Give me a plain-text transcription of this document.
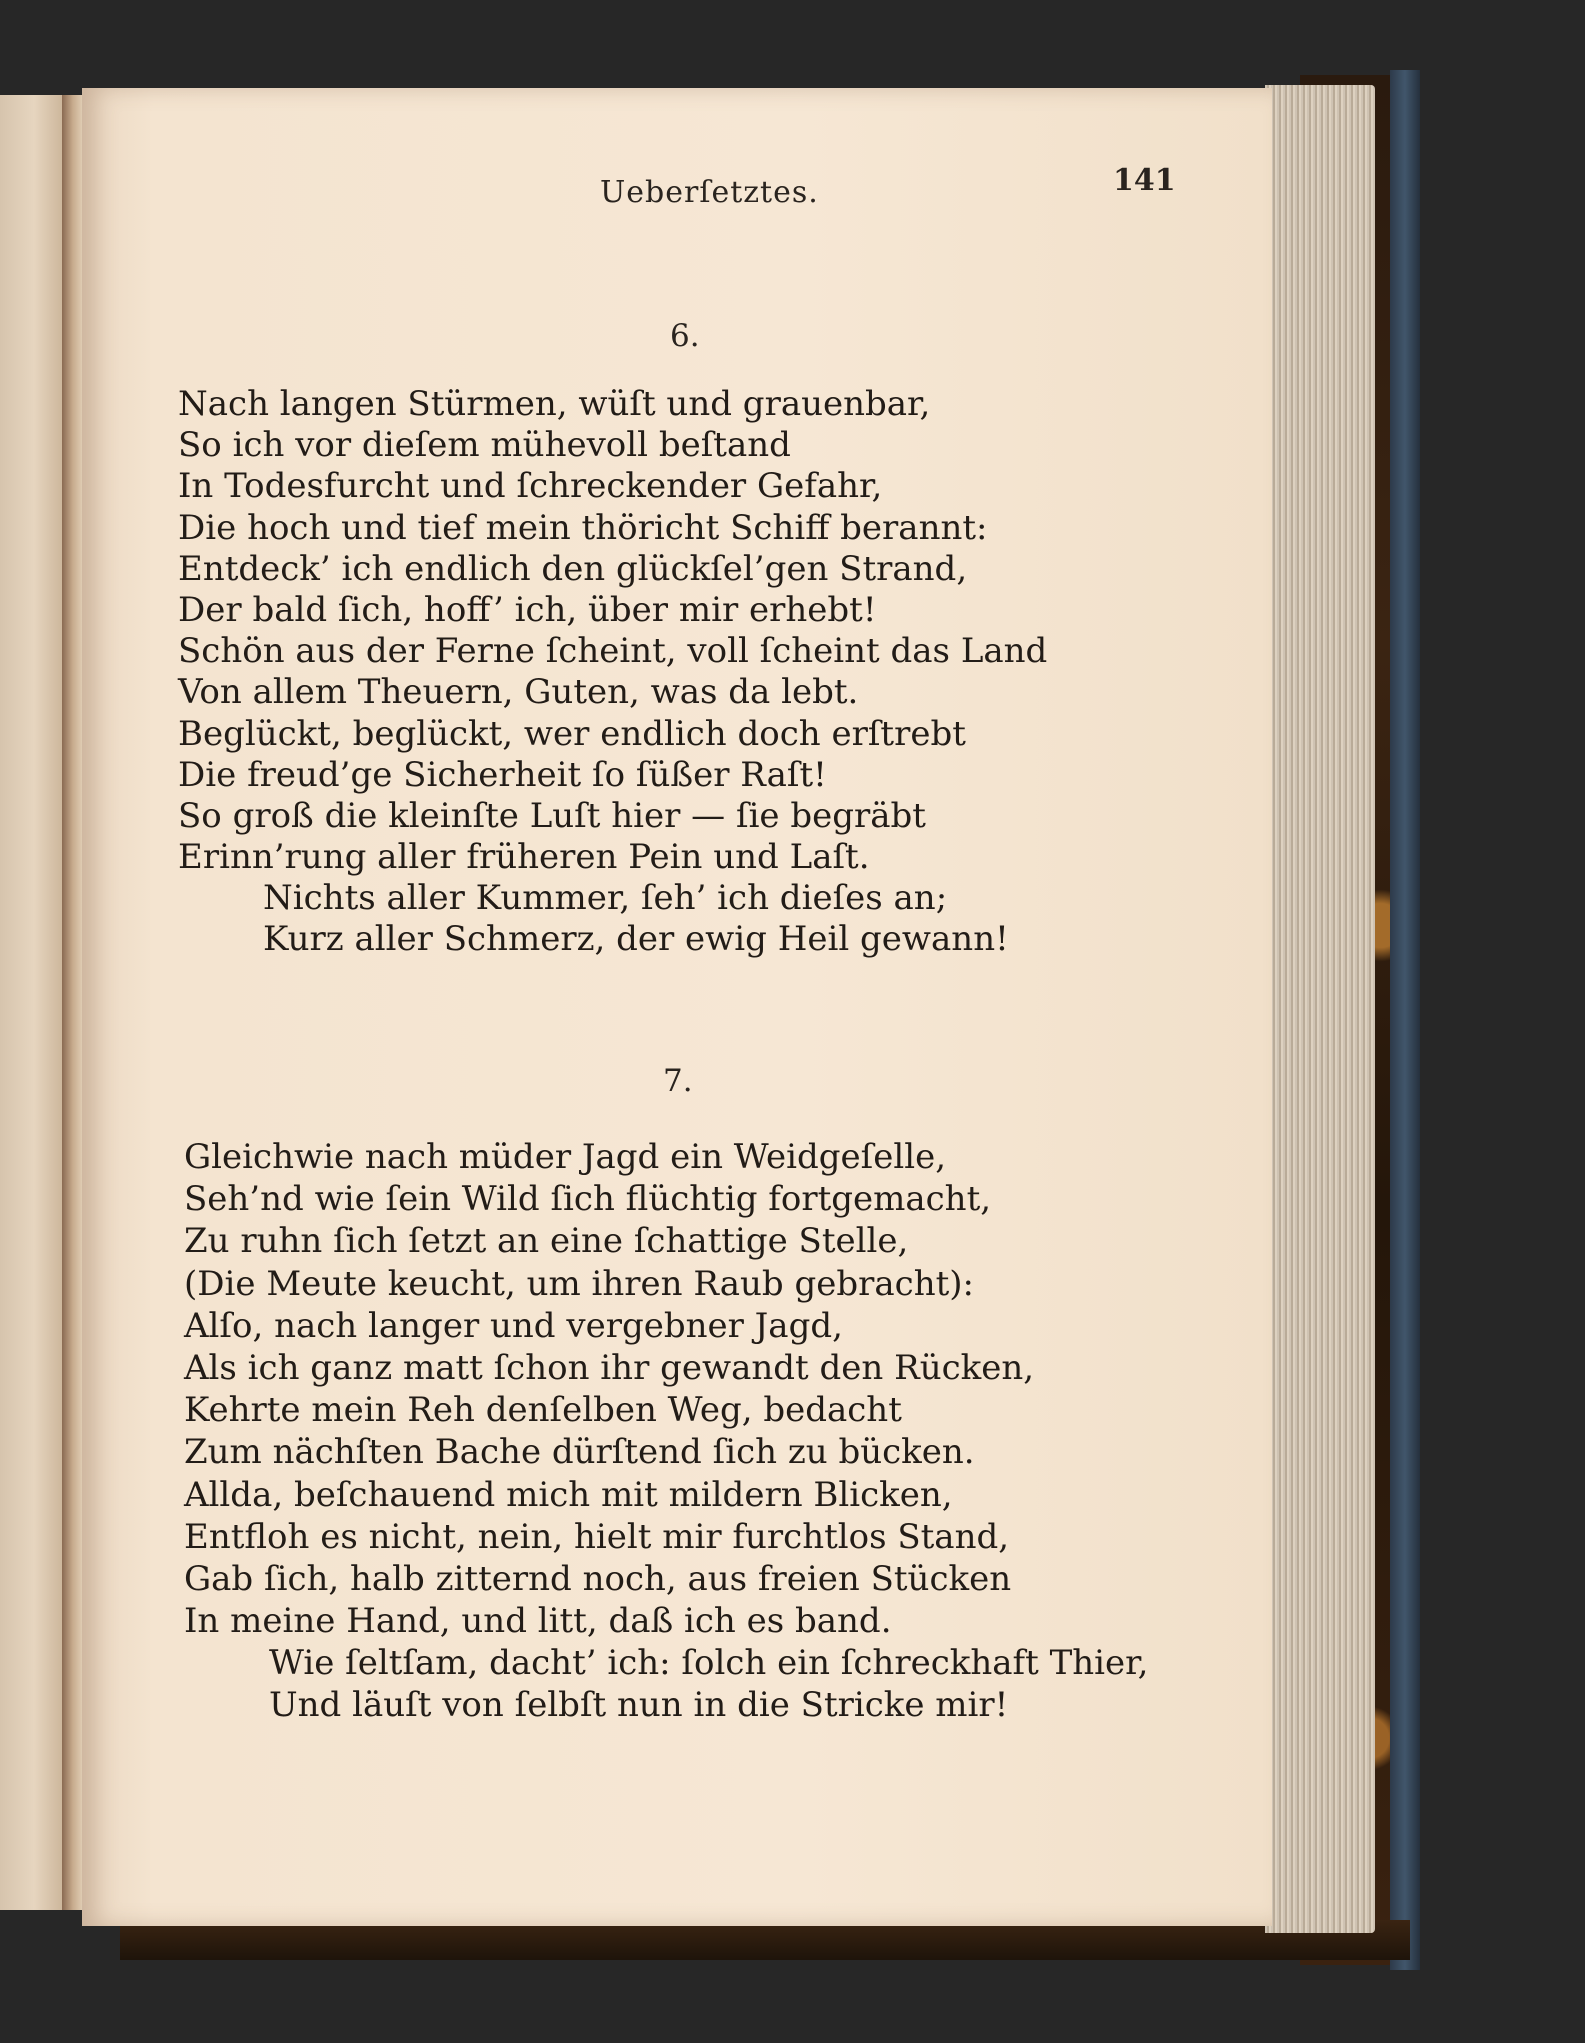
Ueberſetztes.	141
6.
Nach langen Stürmen, wüſt und grauenbar,
So ich vor dieſem mühevoll beſtand
In Todesfurcht und ſchreckender Gefahr,
Die hoch und tief mein thöricht Schiff berannt:
Entdeck’ ich endlich den glückſel’gen Strand,
Der bald ſich, hoff’ ich, über mir erhebt!
Schön aus der Ferne ſcheint, voll ſcheint das Land
Von allem Theuern, Guten, was da lebt.
Beglückt, beglückt, wer endlich doch erſtrebt
Die freud’ge Sicherheit ſo ſüßer Raſt!
So groß die kleinſte Luſt hier — ſie begräbt
Erinn’rung aller früheren Pein und Laſt.
Nichts aller Kummer, ſeh’ ich dieſes an;
Kurz aller Schmerz, der ewig Heil gewann!
7.
Gleichwie nach müder Jagd ein Weidgeſelle,
Seh’nd wie ſein Wild ſich flüchtig fortgemacht,
Zu ruhn ſich ſetzt an eine ſchattige Stelle,
(Die Meute keucht, um ihren Raub gebracht):
Alſo, nach langer und vergebner Jagd,
Als ich ganz matt ſchon ihr gewandt den Rücken,
Kehrte mein Reh denſelben Weg, bedacht
Zum nächſten Bache dürſtend ſich zu bücken.
Allda, beſchauend mich mit mildern Blicken,
Entfloh es nicht, nein, hielt mir furchtlos Stand,
Gab ſich, halb zitternd noch, aus freien Stücken
In meine Hand, und litt, daß ich es band.
Wie ſeltſam, dacht’ ich: ſolch ein ſchreckhaft Thier,
Und läuſt von ſelbſt nun in die Stricke mir!
